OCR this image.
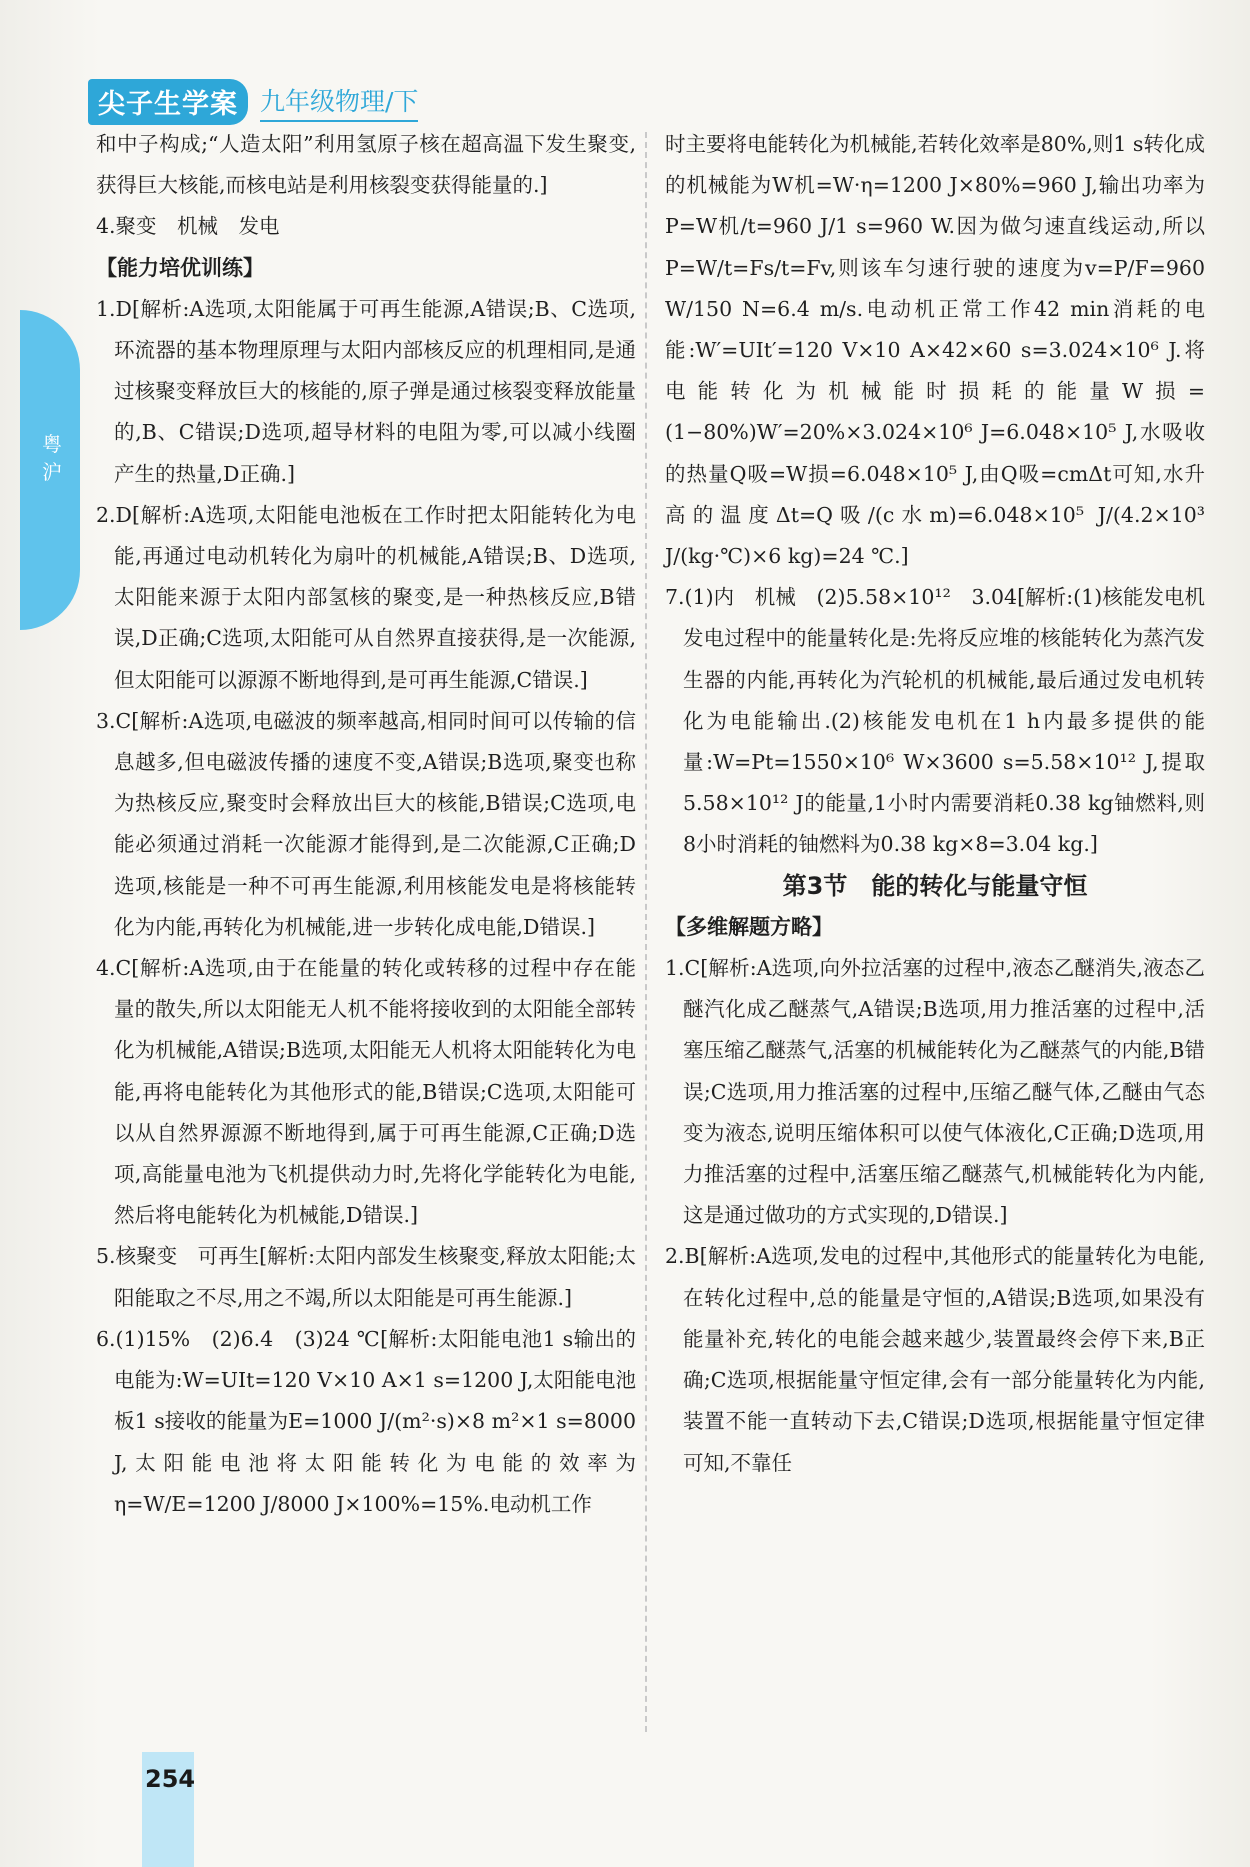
尖子生学案 九年级物理/下
粤沪

和中子构成;“人造太阳”利用氢原子核在超高温下发生聚变,获得巨大核能,而核电站是利用核裂变获得能量的.]

4.聚变　机械　发电

【能力培优训练】

1.D[解析:A选项,太阳能属于可再生能源,A错误;B、C选项,环流器的基本物理原理与太阳内部核反应的机理相同,是通过核聚变释放巨大的核能的,原子弹是通过核裂变释放能量的,B、C错误;D选项,超导材料的电阻为零,可以减小线圈产生的热量,D正确.]

2.D[解析:A选项,太阳能电池板在工作时把太阳能转化为电能,再通过电动机转化为扇叶的机械能,A错误;B、D选项,太阳能来源于太阳内部氢核的聚变,是一种热核反应,B错误,D正确;C选项,太阳能可从自然界直接获得,是一次能源,但太阳能可以源源不断地得到,是可再生能源,C错误.]

3.C[解析:A选项,电磁波的频率越高,相同时间可以传输的信息越多,但电磁波传播的速度不变,A错误;B选项,聚变也称为热核反应,聚变时会释放出巨大的核能,B错误;C选项,电能必须通过消耗一次能源才能得到,是二次能源,C正确;D选项,核能是一种不可再生能源,利用核能发电是将核能转化为内能,再转化为机械能,进一步转化成电能,D错误.]

4.C[解析:A选项,由于在能量的转化或转移的过程中存在能量的散失,所以太阳能无人机不能将接收到的太阳能全部转化为机械能,A错误;B选项,太阳能无人机将太阳能转化为电能,再将电能转化为其他形式的能,B错误;C选项,太阳能可以从自然界源源不断地得到,属于可再生能源,C正确;D选项,高能量电池为飞机提供动力时,先将化学能转化为电能,然后将电能转化为机械能,D错误.]

5.核聚变　可再生[解析:太阳内部发生核聚变,释放太阳能;太阳能取之不尽,用之不竭,所以太阳能是可再生能源.]

6.(1)15%　(2)6.4　(3)24 ℃[解析:太阳能电池1 s输出的电能为:W=UIt=120 V×10 A×1 s=1200 J,太阳能电池板1 s接收的能量为E=1000 J/(m²·s)×8 m²×1 s=8000 J,太阳能电池将太阳能转化为电能的效率为η=W/E=1200 J/8000 J×100%=15%.电动机工作

时主要将电能转化为机械能,若转化效率是80%,则1 s转化成的机械能为W机=W·η=1200 J×80%=960 J,输出功率为P=W机/t=960 J/1 s=960 W.因为做匀速直线运动,所以P=W/t=Fs/t=Fv,则该车匀速行驶的速度为v=P/F=960 W/150 N=6.4 m/s.电动机正常工作42 min消耗的电能:W′=UIt′=120 V×10 A×42×60 s=3.024×10⁶ J.将电能转化为机械能时损耗的能量W损=(1−80%)W′=20%×3.024×10⁶ J=6.048×10⁵ J,水吸收的热量Q吸=W损=6.048×10⁵ J,由Q吸=cmΔt可知,水升高的温度Δt=Q吸/(c水m)=6.048×10⁵ J/(4.2×10³ J/(kg·℃)×6 kg)=24 ℃.]

7.(1)内　机械　(2)5.58×10¹²　3.04[解析:(1)核能发电机发电过程中的能量转化是:先将反应堆的核能转化为蒸汽发生器的内能,再转化为汽轮机的机械能,最后通过发电机转化为电能输出.(2)核能发电机在1 h内最多提供的能量:W=Pt=1550×10⁶ W×3600 s=5.58×10¹² J,提取5.58×10¹² J的能量,1小时内需要消耗0.38 kg铀燃料,则8小时消耗的铀燃料为0.38 kg×8=3.04 kg.]

第3节　能的转化与能量守恒

【多维解题方略】

1.C[解析:A选项,向外拉活塞的过程中,液态乙醚消失,液态乙醚汽化成乙醚蒸气,A错误;B选项,用力推活塞的过程中,活塞压缩乙醚蒸气,活塞的机械能转化为乙醚蒸气的内能,B错误;C选项,用力推活塞的过程中,压缩乙醚气体,乙醚由气态变为液态,说明压缩体积可以使气体液化,C正确;D选项,用力推活塞的过程中,活塞压缩乙醚蒸气,机械能转化为内能,这是通过做功的方式实现的,D错误.]

2.B[解析:A选项,发电的过程中,其他形式的能量转化为电能,在转化过程中,总的能量是守恒的,A错误;B选项,如果没有能量补充,转化的电能会越来越少,装置最终会停下来,B正确;C选项,根据能量守恒定律,会有一部分能量转化为内能,装置不能一直转动下去,C错误;D选项,根据能量守恒定律可知,不靠任

254
